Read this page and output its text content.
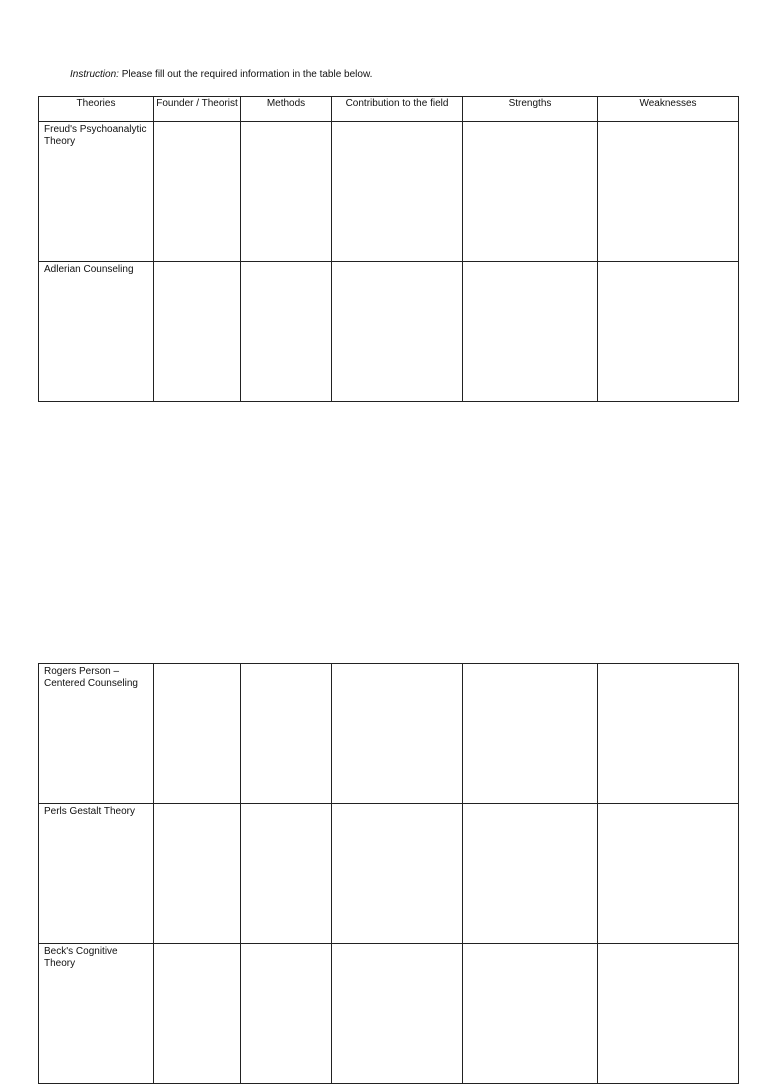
Instruction: Please fill out the required information in the table below.
Theories	Founder / Theorist	Methods	Contribution to the field	Strengths	Weaknesses
Freud's Psychoanalytic Theory					
Adlerian Counseling					
Rogers Person – Centered Counseling					
Perls Gestalt Theory					
Beck's Cognitive Theory					
